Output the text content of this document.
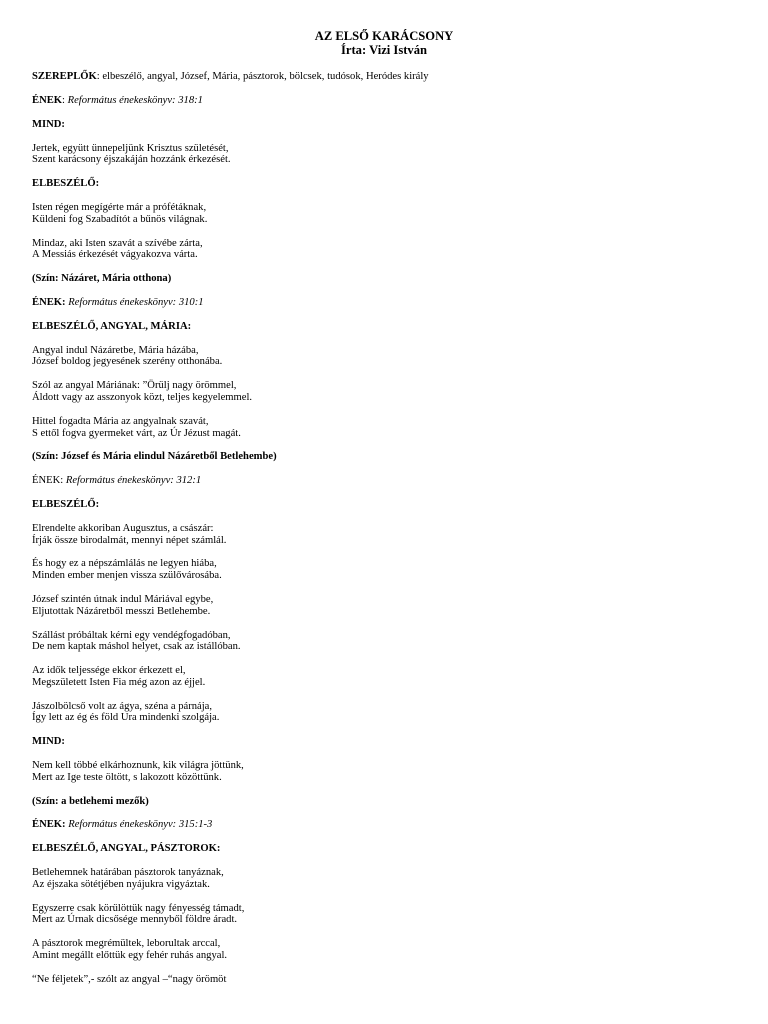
AZ ELSŐ KARÁCSONY
Írta: Vizi István
SZEREPLŐK: elbeszélő, angyal, József, Mária, pásztorok, bölcsek, tudósok, Heródes király
ÉNEK: Református énekeskönyv: 318:1
MIND:
Jertek, együtt ünnepeljünk Krisztus születését,
Szent karácsony éjszakáján hozzánk érkezését.
ELBESZÉLŐ:
Isten régen megígérte már a prófétáknak,
Küldeni fog Szabadítót a bűnös világnak.
Mindaz, aki Isten szavát a szívébe zárta,
A Messiás érkezését vágyakozva várta.
(Szín: Názáret, Mária otthona)
ÉNEK: Református énekeskönyv: 310:1
ELBESZÉLŐ, ANGYAL, MÁRIA:
Angyal indul Názáretbe, Mária házába,
József boldog jegyesének szerény otthonába.
Szól az angyal Máriának: ”Örülj nagy örömmel,
Áldott vagy az asszonyok közt, teljes kegyelemmel.
Hittel fogadta Mária az angyalnak szavát,
S ettől fogva gyermeket várt, az Úr Jézust magát.
(Szín: József és Mária elindul Názáretből Betlehembe)
ÉNEK: Református énekeskönyv: 312:1
ELBESZÉLŐ:
Elrendelte akkoriban Augusztus, a császár:
Írják össze birodalmát, mennyi népet számlál.
És hogy ez a népszámlálás ne legyen hiába,
Minden ember menjen vissza szülővárosába.
József szintén útnak indul Máriával egybe,
Eljutottak Názáretből messzi Betlehembe.
Szállást próbáltak kérni egy vendégfogadóban,
De nem kaptak máshol helyet, csak az istállóban.
Az idők teljessége ekkor érkezett el,
Megszületett Isten Fia még azon az éjjel.
Jászolbölcső volt az ágya, széna a párnája,
Így lett az ég és föld Ura mindenki szolgája.
MIND:
Nem kell többé elkárhoznunk, kik világra jöttünk,
Mert az Ige teste öltött, s lakozott közöttünk.
(Szín: a betlehemi mezők)
ÉNEK: Református énekeskönyv: 315:1-3
ELBESZÉLŐ, ANGYAL, PÁSZTOROK:
Betlehemnek határában pásztorok tanyáznak,
Az éjszaka sötétjében nyájukra vigyáztak.
Egyszerre csak körülöttük nagy fényesség támadt,
Mert az Úrnak dicsősége mennyből földre áradt.
A pásztorok megrémültek, leborultak arccal,
Amint megállt előttük egy fehér ruhás angyal.
“Ne féljetek”,- szólt az angyal –“nagy örömöt
